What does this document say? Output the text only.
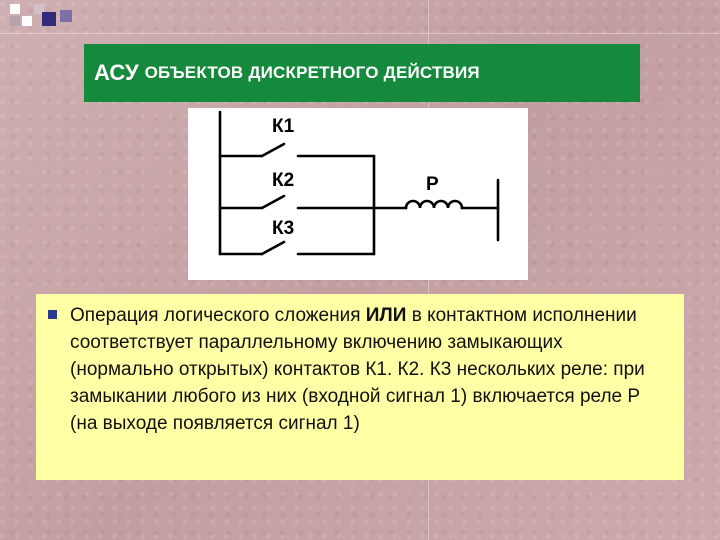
АСУ ОБЪЕКТОВ ДИСКРЕТНОГО ДЕЙСТВИЯ
К1
К2
К3
Р

Операция логического сложения ИЛИ в контактном исполнении соответствует параллельному включению замыкающих (нормально открытых) контактов К1. К2. К3 нескольких реле: при замыкании любого из них (входной сигнал 1) включается реле Р (на выходе появляется сигнал 1)
